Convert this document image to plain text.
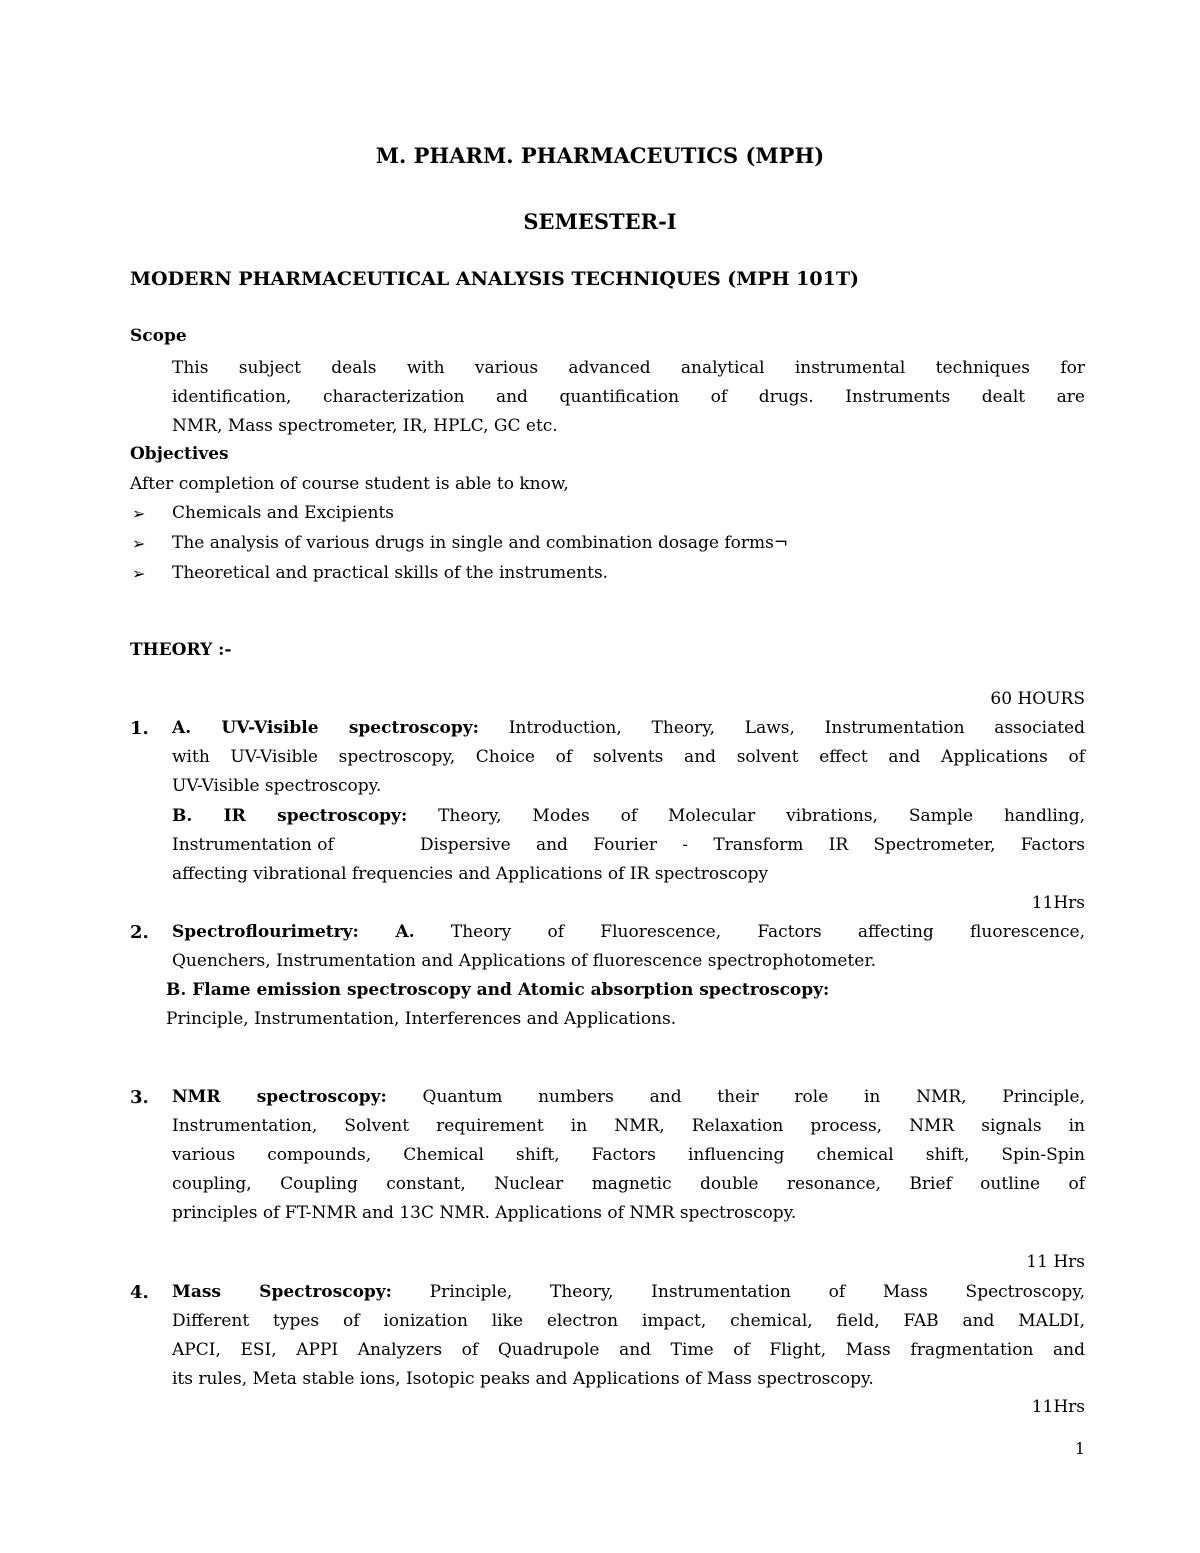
M. PHARM. PHARMACEUTICS (MPH)
SEMESTER-I
MODERN PHARMACEUTICAL ANALYSIS TECHNIQUES (MPH 101T)
Scope
This subject deals with various advanced analytical instrumental techniques for
identification, characterization and quantification of drugs. Instruments dealt are
NMR, Mass spectrometer, IR, HPLC, GC etc.
Objectives
After completion of course student is able to know,
➢ Chemicals and Excipients
➢ The analysis of various drugs in single and combination dosage forms¬
➢ Theoretical and practical skills of the instruments.
THEORY :-
60 HOURS
1. A. UV-Visible spectroscopy: Introduction, Theory, Laws, Instrumentation associated
with UV-Visible spectroscopy, Choice of solvents and solvent effect and Applications of
UV-Visible spectroscopy.
B. IR spectroscopy: Theory, Modes of Molecular vibrations, Sample handling,
Instrumentation of	Dispersive and Fourier - Transform IR Spectrometer, Factors
affecting vibrational frequencies and Applications of IR spectroscopy
11Hrs
2. Spectroflourimetry: A. Theory of Fluorescence, Factors affecting fluorescence,
Quenchers, Instrumentation and Applications of fluorescence spectrophotometer.
B. Flame emission spectroscopy and Atomic absorption spectroscopy:
Principle, Instrumentation, Interferences and Applications.
3. NMR spectroscopy: Quantum numbers and their role in NMR, Principle,
Instrumentation, Solvent requirement in NMR, Relaxation process, NMR signals in
various compounds, Chemical shift, Factors influencing chemical shift, Spin-Spin
coupling, Coupling constant, Nuclear magnetic double resonance, Brief outline of
principles of FT-NMR and 13C NMR. Applications of NMR spectroscopy.
11 Hrs
4. Mass Spectroscopy: Principle, Theory, Instrumentation of Mass Spectroscopy,
Different types of ionization like electron impact, chemical, field, FAB and MALDI,
APCI, ESI, APPI Analyzers of Quadrupole and Time of Flight, Mass fragmentation and
its rules, Meta stable ions, Isotopic peaks and Applications of Mass spectroscopy.
11Hrs
1
